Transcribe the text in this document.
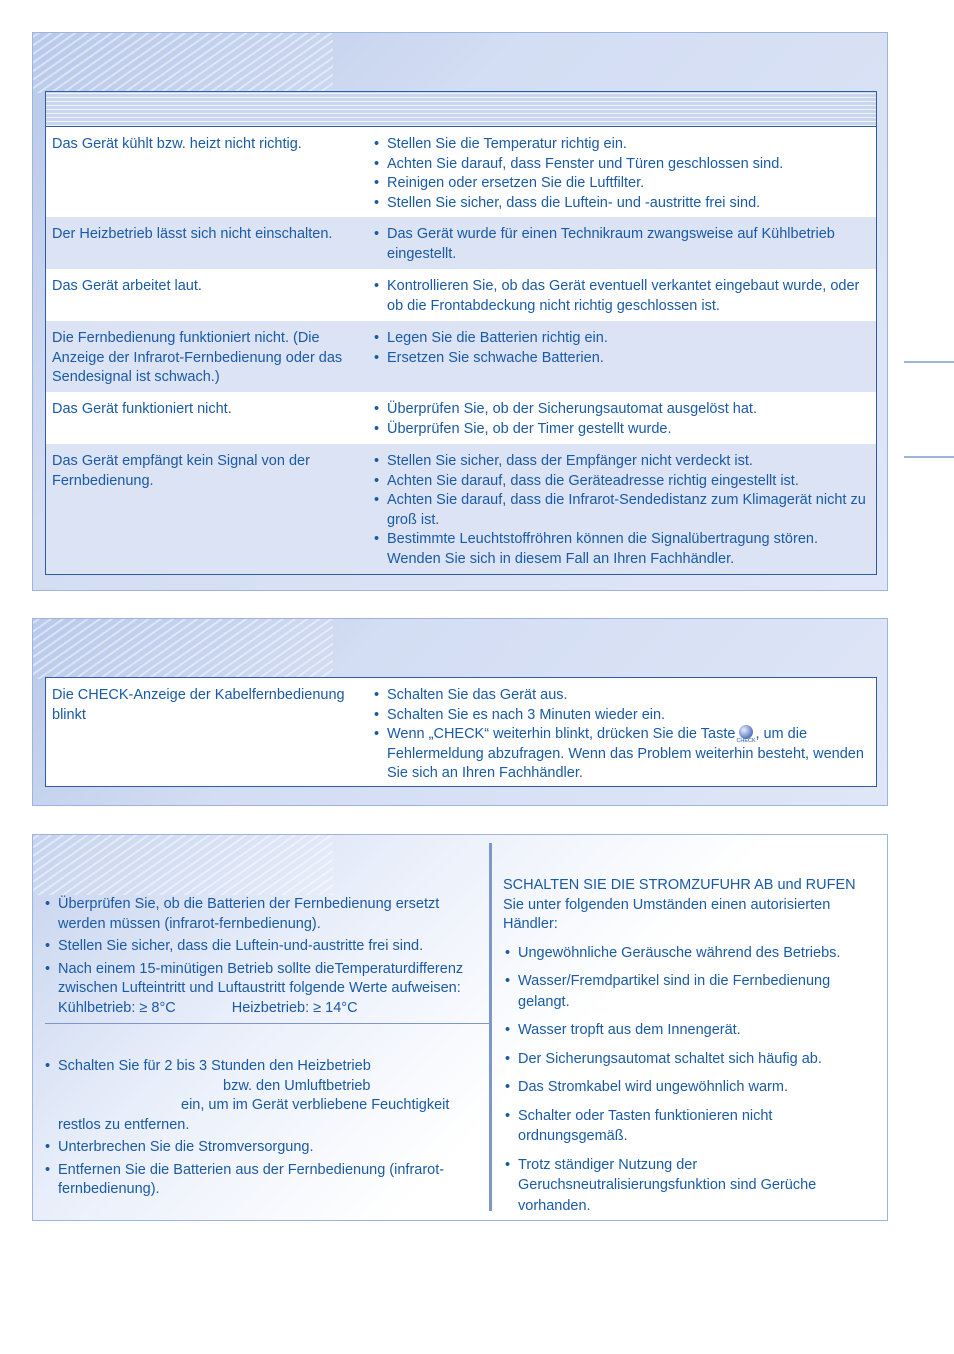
Das Gerät kühlt bzw. heizt nicht richtig.	• Stellen Sie die Temperatur richtig ein.
• Achten Sie darauf, dass Fenster und Türen geschlossen sind.
• Reinigen oder ersetzen Sie die Luftfilter.
• Stellen Sie sicher, dass die Luftein- und -austritte frei sind.
Der Heizbetrieb lässt sich nicht einschalten.	• Das Gerät wurde für einen Technikraum zwangsweise auf Kühlbetrieb eingestellt.
Das Gerät arbeitet laut.	• Kontrollieren Sie, ob das Gerät eventuell verkantet eingebaut wurde, oder ob die Frontabdeckung nicht richtig geschlossen ist.
Die Fernbedienung funktioniert nicht. (Die Anzeige der Infrarot-Fernbedienung oder das Sendesignal ist schwach.)
• Legen Sie die Batterien richtig ein.
• Ersetzen Sie schwache Batterien.
Das Gerät funktioniert nicht.	• Überprüfen Sie, ob der Sicherungsautomat ausgelöst hat.
• Überprüfen Sie, ob der Timer gestellt wurde.
Das Gerät empfängt kein Signal von der Fernbedienung.
• Stellen Sie sicher, dass der Empfänger nicht verdeckt ist.
• Achten Sie darauf, dass die Geräteadresse richtig eingestellt ist.
• Achten Sie darauf, dass die Infrarot-Sendedistanz zum Klimagerät nicht zu groß ist.
• Bestimmte Leuchtstoffröhren können die Signalübertragung stören. Wenden Sie sich in diesem Fall an Ihren Fachhändler.
Die CHECK-Anzeige der Kabelfernbedienung blinkt
• Schalten Sie das Gerät aus.
• Schalten Sie es nach 3 Minuten wieder ein.
• Wenn „CHECK“ weiterhin blinkt, drücken Sie die Taste CHECK , um die Fehlermeldung abzufragen. Wenn das Problem weiterhin besteht, wenden Sie sich an Ihren Fachhändler.
• Überprüfen Sie, ob die Batterien der Fernbedienung ersetzt werden müssen (infrarot-fernbedienung).
• Stellen Sie sicher, dass die Luftein-und-austritte frei sind.
• Nach einem 15-minütigen Betrieb sollte dieTemperaturdifferenz zwischen Lufteintritt und Luftaustritt folgende Werte aufweisen:
Kühlbetrieb: ≥ 8°C	Heizbetrieb: ≥ 14°C
• Schalten Sie für 2 bis 3 Stunden den Heizbetrieb
bzw. den Umluftbetrieb
ein, um im Gerät verbliebene Feuchtigkeit
restlos zu entfernen.
• Unterbrechen Sie die Stromversorgung.
• Entfernen Sie die Batterien aus der Fernbedienung (infrarot-fernbedienung).
SCHALTEN SIE DIE STROMZUFUHR AB und RUFEN
Sie unter folgenden Umständen einen autorisierten Händler:
• Ungewöhnliche Geräusche während des Betriebs.
• Wasser/Fremdpartikel sind in die Fernbedienung gelangt.
• Wasser tropft aus dem Innengerät.
• Der Sicherungsautomat schaltet sich häufig ab.
• Das Stromkabel wird ungewöhnlich warm.
• Schalter oder Tasten funktionieren nicht ordnungsgemäß.
• Trotz ständiger Nutzung der Geruchsneutralisierungsfunktion sind Gerüche vorhanden.
